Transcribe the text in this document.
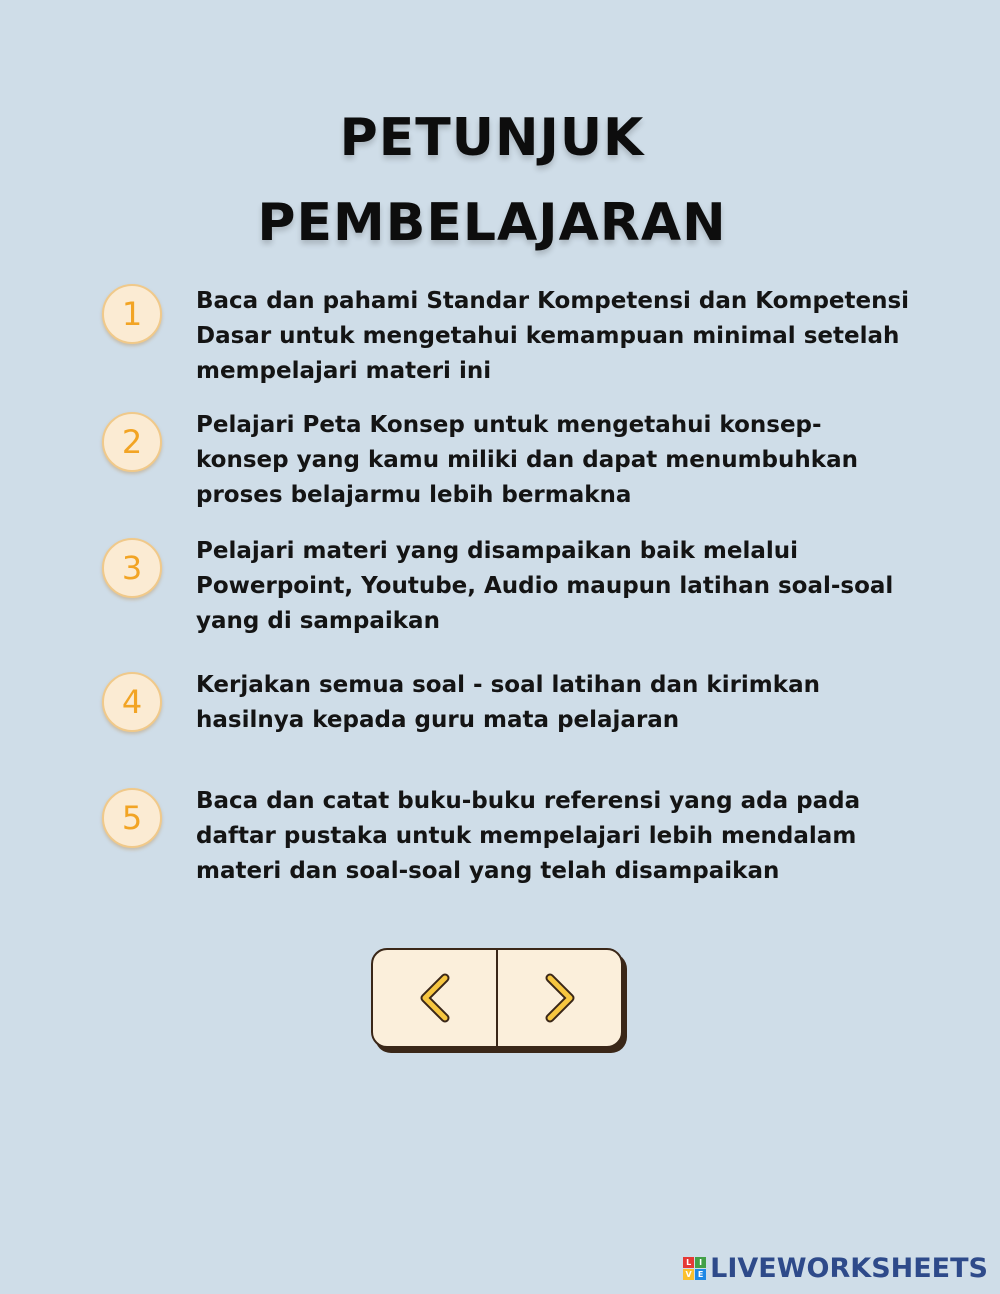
PETUNJUK
PEMBELAJARAN
1	Baca dan pahami Standar Kompetensi dan Kompetensi
Dasar untuk mengetahui kemampuan minimal setelah
mempelajari materi ini
2	Pelajari Peta Konsep untuk mengetahui konsep-
konsep yang kamu miliki dan dapat menumbuhkan
proses belajarmu lebih bermakna
3	Pelajari materi yang disampaikan baik melalui
Powerpoint, Youtube, Audio maupun latihan soal-soal
yang di sampaikan
4	Kerjakan semua soal - soal latihan dan kirimkan
hasilnya kepada guru mata pelajaran
5	Baca dan catat buku-buku referensi yang ada pada
daftar pustaka untuk mempelajari lebih mendalam
materi dan soal-soal yang telah disampaikan
L I
V E LIVEWORKSHEETS
